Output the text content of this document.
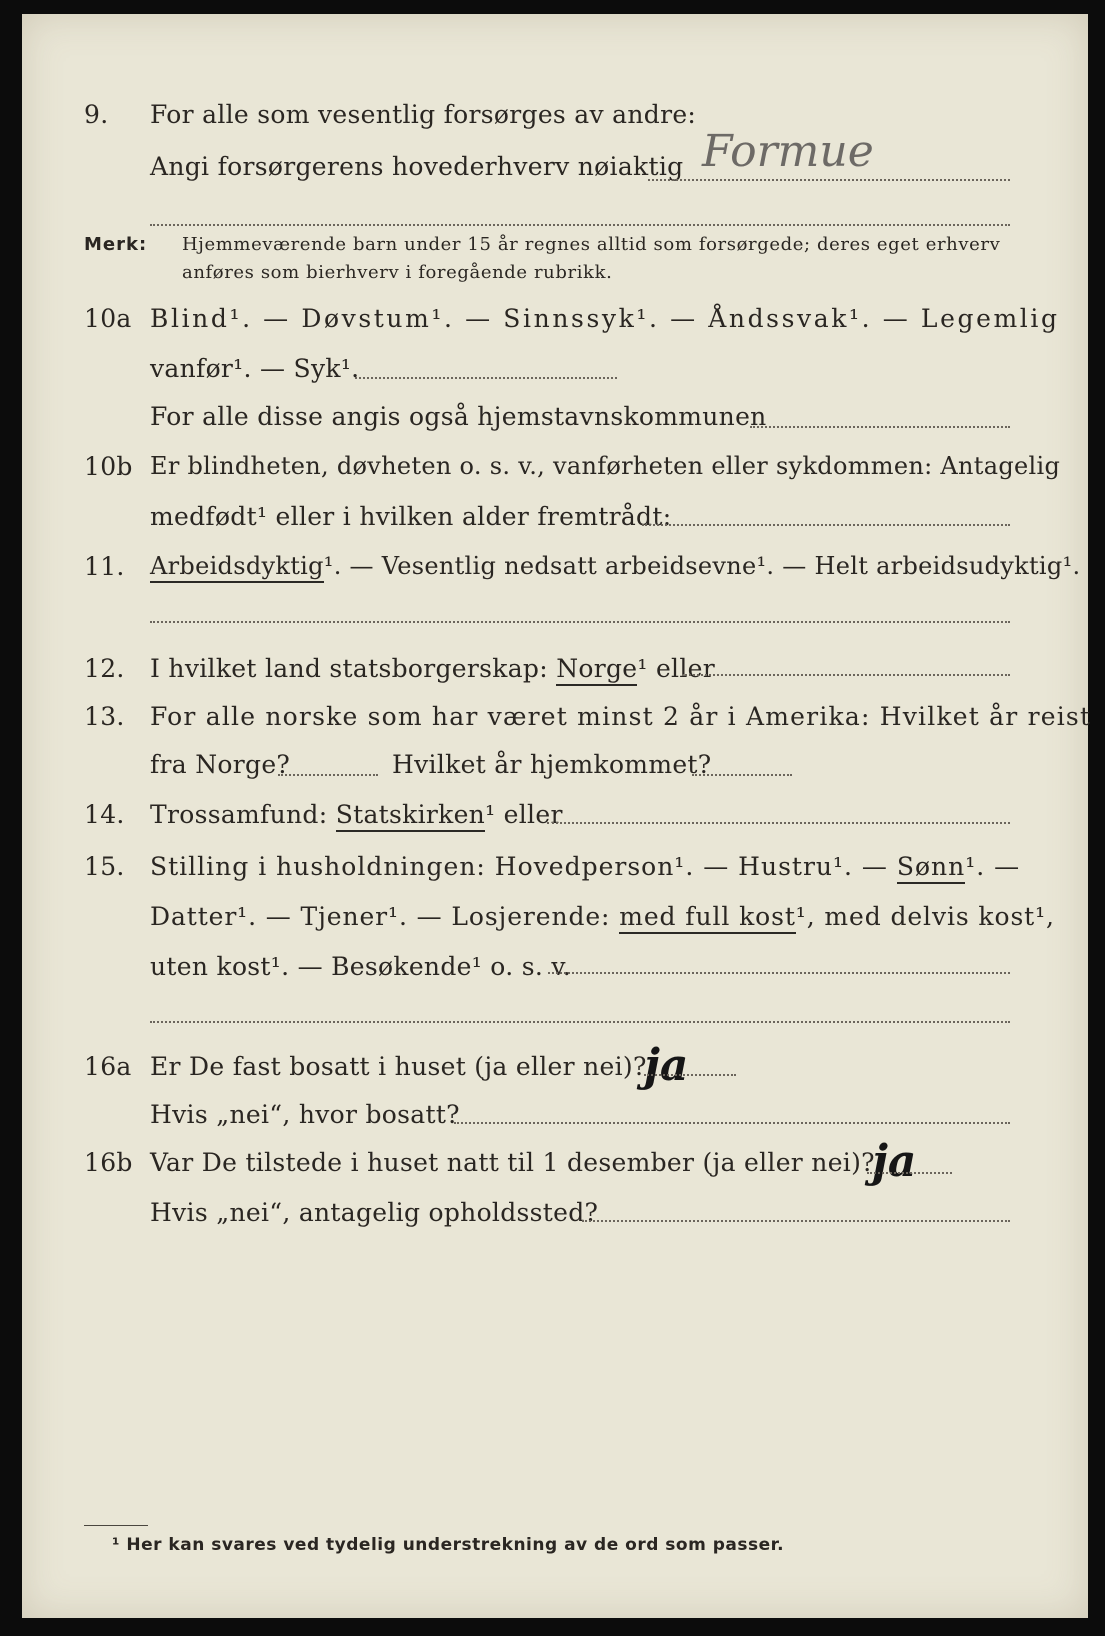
9. For alle som vesentlig forsørges av andre:
Formue
Angi forsørgerens hovederhverv nøiaktig
Merk: Hjemmeværende barn under 15 år regnes alltid som forsørgede; deres eget erhverv
anføres som bierhverv i foregående rubrikk.
10a Blind¹. — Døvstum¹. — Sinnssyk¹. — Åndssvak¹. — Legemlig
vanfør¹. — Syk¹.
For alle disse angis også hjemstavnskommunen
10b Er blindheten, døvheten o. s. v., vanførheten eller sykdommen: Antagelig
medfødt¹ eller i hvilken alder fremtrådt:
11. Arbeidsdyktig¹. — Vesentlig nedsatt arbeidsevne¹. — Helt arbeidsudyktig¹.
12. I hvilket land statsborgerskap: Norge¹ eller
13. For alle norske som har været minst 2 år i Amerika: Hvilket år reist
fra Norge?	Hvilket år hjemkommet?
14. Trossamfund: Statskirken¹ eller
15. Stilling i husholdningen: Hovedperson¹. — Hustru¹. — Sønn¹. —
Datter¹. — Tjener¹. — Losjerende: med full kost¹, med delvis kost¹,
uten kost¹. — Besøkende¹ o. s. v.
16a Er De fast bosatt i huset (ja eller nei)?
ja
Hvis „nei“, hvor bosatt?
16b Var De tilstede i huset natt til 1 desember (ja eller nei)?
ja
Hvis „nei“, antagelig opholdssted?
¹ Her kan svares ved tydelig understrekning av de ord som passer.
